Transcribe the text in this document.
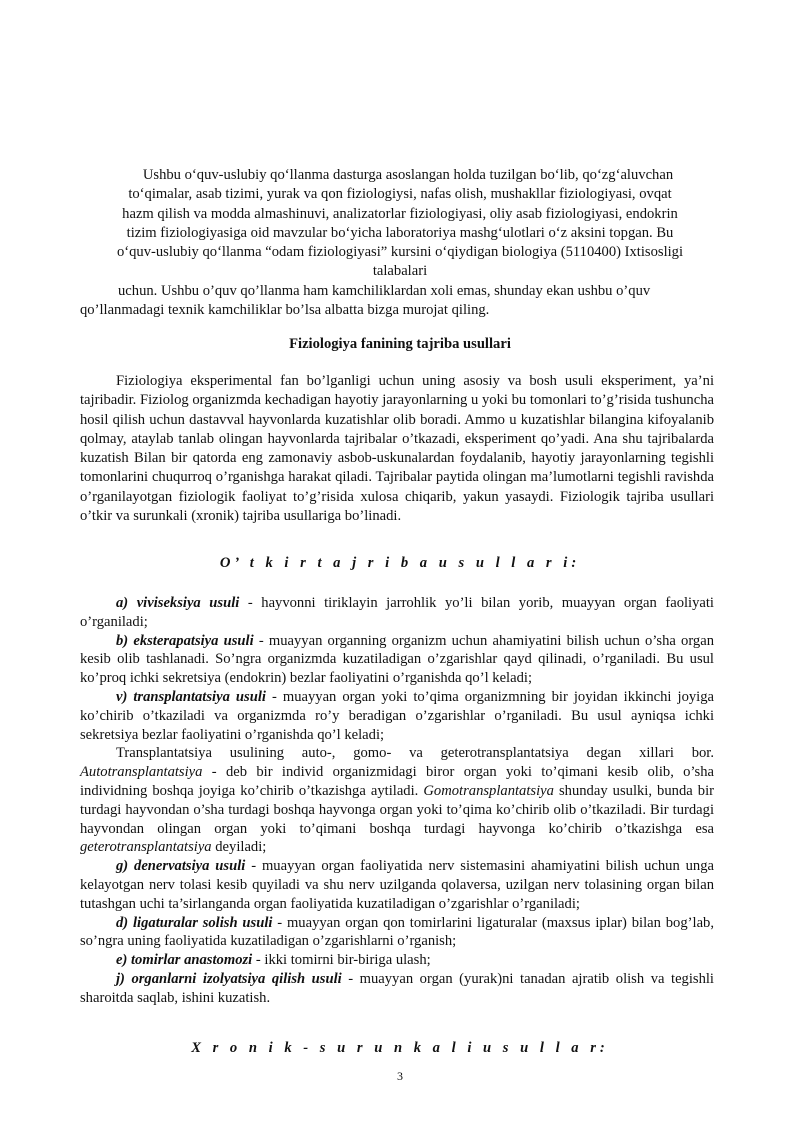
Ushbu o‘quv-uslubiy qo‘llanma dasturga asoslangan holda tuzilgan bo‘lib, qo‘zg‘aluvchan

to‘qimalar, asab tizimi, yurak va qon fiziologiysi, nafas olish, mushakllar fiziologiyasi, ovqat

hazm qilish va modda almashinuvi, analizatorlar fiziologiyasi, oliy asab fiziologiyasi, endokrin

tizim fiziologiyasiga oid mavzular bo‘yicha laboratoriya mashg‘ulotlari o‘z aksini topgan. Bu

o‘quv-uslubiy qo‘llanma “odam fiziologiyasi” kursini o‘qiydigan biologiya (5110400) Ixtisosligi

talabalari

uchun. Ushbu o’quv qo’llanma ham kamchiliklardan xoli emas, shunday ekan ushbu o’quv qo’llanmadagi texnik kamchiliklar bo’lsa albatta bizga murojat qiling.

Fiziologiya fanining tajriba usullari

Fiziologiya eksperimental fan bo’lganligi uchun uning asosiy va bosh usuli eksperiment, ya’ni tajribadir. Fiziolog organizmda kechadigan hayotiy jarayonlarning u yoki bu tomonlari to’g’risida tushuncha hosil qilish uchun dastavval hayvonlarda kuzatishlar olib boradi. Ammo u kuzatishlar bilangina kifoyalanib qolmay, ataylab tanlab olingan hayvonlarda tajribalar o’tkazadi, eksperiment qo’yadi. Ana shu tajribalarda kuzatish Bilan bir qatorda eng zamonaviy asbob-uskunalardan foydalanib, hayotiy jarayonlarning tegishli tomonlarini chuqurroq o’rganishga harakat qiladi. Tajribalar paytida olingan ma’lumotlarni tegishli ravishda o’rganilayotgan fiziologik faoliyat to’g’risida xulosa chiqarib, yakun yasaydi. Fiziologik tajriba usullari o’tkir va surunkali (xronik) tajriba usullariga bo’linadi.

O’ t k i r t a j r i b a u s u l l a r i:

a) viviseksiya usuli - hayvonni tiriklayin jarrohlik yo’li bilan yorib, muayyan organ faoliyati o’rganiladi;

b) eksterapatsiya usuli - muayyan organning organizm uchun ahamiyatini bilish uchun o’sha organ kesib olib tashlanadi. So’ngra organizmda kuzatiladigan o’zgarishlar qayd qilinadi, o’rganiladi. Bu usul ko’proq ichki sekretsiya (endokrin) bezlar faoliyatini o’rganishda qo’l keladi;

v) transplantatsiya usuli - muayyan organ yoki to’qima organizmning bir joyidan ikkinchi joyiga ko’chirib o’tkaziladi va organizmda ro’y beradigan o’zgarishlar o’rganiladi. Bu usul ayniqsa ichki sekretsiya bezlar faoliyatini o’rganishda qo’l keladi;

Transplantatsiya usulining auto-, gomo- va geterotransplantatsiya degan xillari bor. Autotransplantatsiya - deb bir individ organizmidagi biror organ yoki to’qimani kesib olib, o’sha individning boshqa joyiga ko’chirib o’tkazishga aytiladi. Gomotransplantatsiya shunday usulki, bunda bir turdagi hayvondan o’sha turdagi boshqa hayvonga organ yoki to’qima ko’chirib olib o’tkaziladi. Bir turdagi hayvondan olingan organ yoki to’qimani boshqa turdagi hayvonga ko’chirib o’tkazishga esa geterotransplantatsiya deyiladi;

g) denervatsiya usuli - muayyan organ faoliyatida nerv sistemasini ahamiyatini bilish uchun unga kelayotgan nerv tolasi kesib quyiladi va shu nerv uzilganda qolaversa, uzilgan nerv tolasining organ bilan tutashgan uchi ta’sirlanganda organ faoliyatida kuzatiladigan o’zgarishlar o’rganiladi;

d) ligaturalar solish usuli - muayyan organ qon tomirlarini ligaturalar (maxsus iplar) bilan bog’lab, so’ngra uning faoliyatida kuzatiladigan o’zgarishlarni o’rganish;

e) tomirlar anastomozi - ikki tomirni bir-biriga ulash;

j) organlarni izolyatsiya qilish usuli - muayyan organ (yurak)ni tanadan ajratib olish va tegishli sharoitda saqlab, ishini kuzatish.

X r o n i k - s u r u n k a l i u s u l l a r:
3
